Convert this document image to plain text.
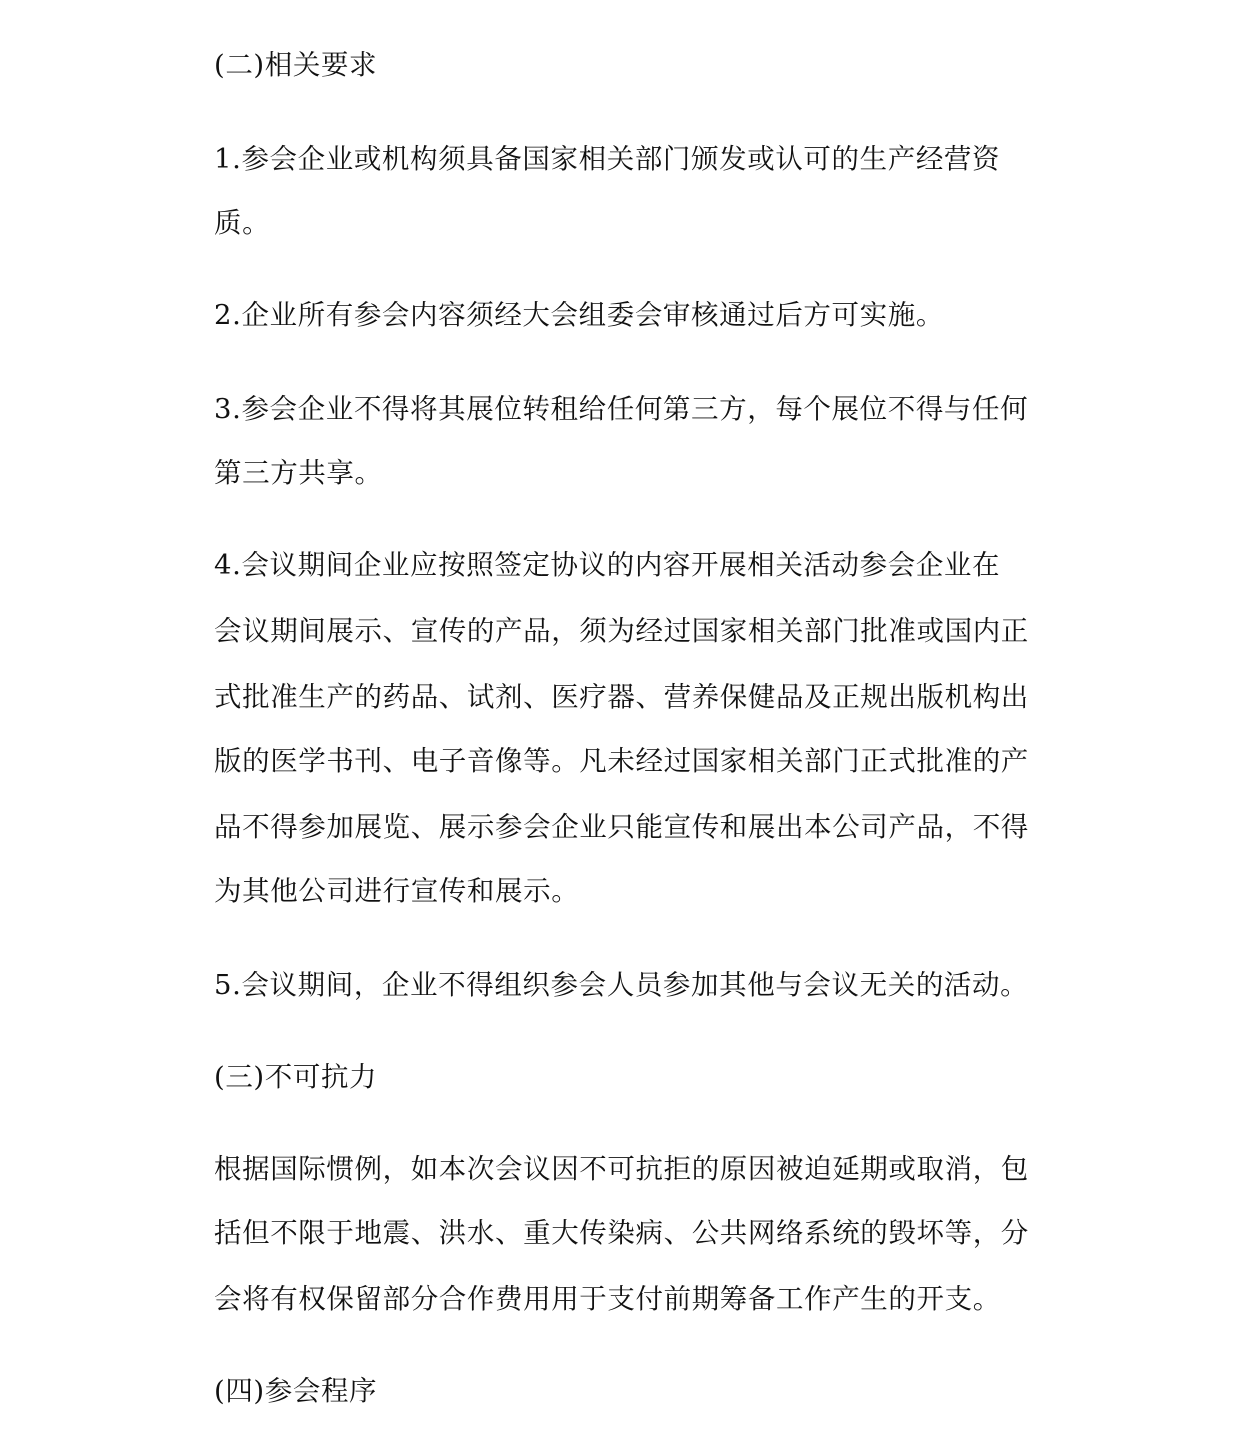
(二)相关要求
1.参会企业或机构须具备国家相关部门颁发或认可的生产经营资
质。
2.企业所有参会内容须经大会组委会审核通过后方可实施。
3.参会企业不得将其展位转租给任何第三方，每个展位不得与任何
第三方共享。
4.会议期间企业应按照签定协议的内容开展相关活动参会企业在
会议期间展示、宣传的产品，须为经过国家相关部门批准或国内正
式批准生产的药品、试剂、医疗器、营养保健品及正规出版机构出
版的医学书刊、电子音像等。凡未经过国家相关部门正式批准的产
品不得参加展览、展示参会企业只能宣传和展出本公司产品，不得
为其他公司进行宣传和展示。
5.会议期间，企业不得组织参会人员参加其他与会议无关的活动。
(三)不可抗力
根据国际惯例，如本次会议因不可抗拒的原因被迫延期或取消，包
括但不限于地震、洪水、重大传染病、公共网络系统的毁坏等，分
会将有权保留部分合作费用用于支付前期筹备工作产生的开支。
(四)参会程序
